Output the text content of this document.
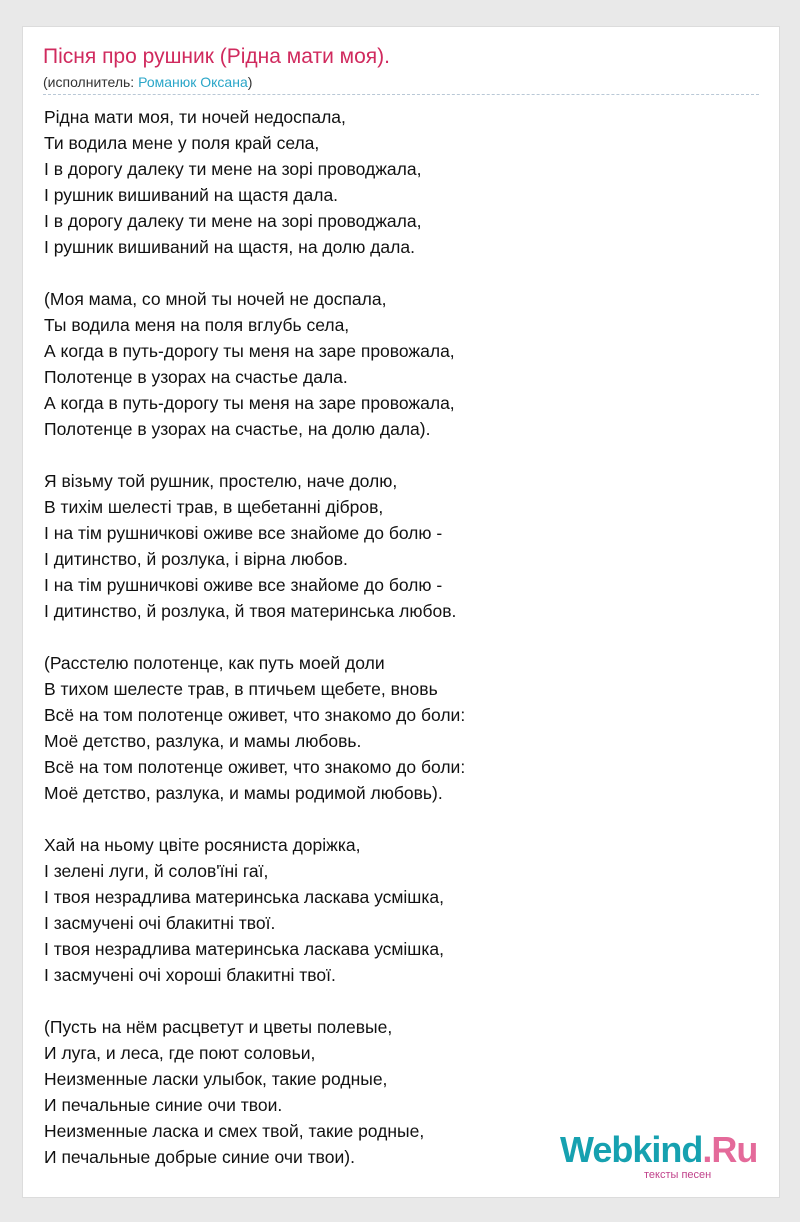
Пісня про рушник (Рідна мати моя).
(исполнитель: Романюк Оксана)
Рідна мати моя, ти ночей недоспала,
Ти водила мене у поля край села,
І в дорогу далеку ти мене на зорі проводжала,
І рушник вишиваний на щастя дала.
І в дорогу далеку ти мене на зорі проводжала,
І рушник вишиваний на щастя, на долю дала.
(Моя мама, со мной ты ночей не доспала,
Ты водила меня на поля вглубь села,
А когда в путь-дорогу ты меня на заре провожала,
Полотенце в узорах на счастье дала.
А когда в путь-дорогу ты меня на заре провожала,
Полотенце в узорах на счастье, на долю дала).
Я візьму той рушник, простелю, наче долю,
В тихім шелесті трав, в щебетанні дібров,
І на тім рушничкові оживе все знайоме до болю -
І дитинство, й розлука, і вірна любов.
І на тім рушничкові оживе все знайоме до болю -
І дитинство, й розлука, й твоя материнська любов.
(Расстелю полотенце, как путь моей доли
В тихом шелесте трав, в птичьем щебете, вновь
Всё на том полотенце оживет, что знакомо до боли:
Моё детство, разлука, и мамы любовь.
Всё на том полотенце оживет, что знакомо до боли:
Моё детство, разлука, и мамы родимой любовь).
Хай на ньому цвіте росяниста доріжка,
І зелені луги, й солов'їні гаї,
І твоя незрадлива материнська ласкава усмішка,
І засмучені очі блакитні твої.
І твоя незрадлива материнська ласкава усмішка,
І засмучені очі хороші блакитні твої.
(Пусть на нём расцветут и цветы полевые,
И луга, и леса, где поют соловьи,
Неизменные ласки улыбок, такие родные,
И печальные синие очи твои.
Неизменные ласка и смех твой, такие родные,
И печальные добрые синие очи твои).	Webkind.Ru
тексты песен
